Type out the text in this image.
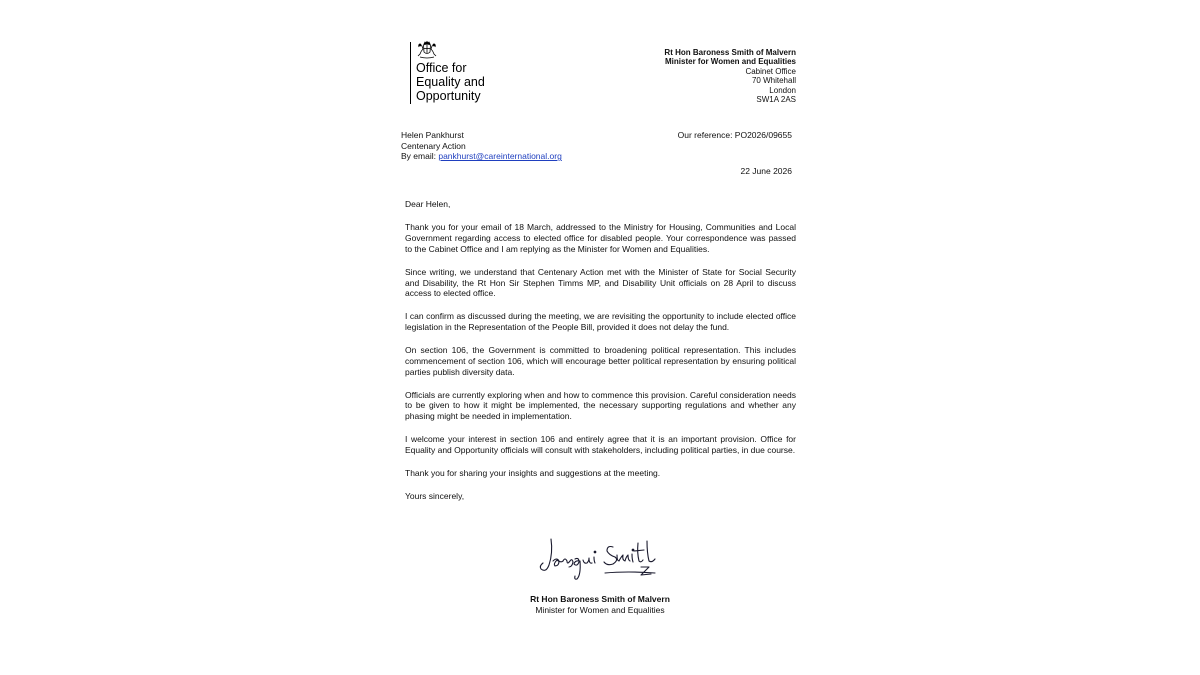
Office for
Equality and
Opportunity
Rt Hon Baroness Smith of Malvern
Minister for Women and Equalities
Cabinet Office
70 Whitehall
London
SW1A 2AS
Helen Pankhurst
Centenary Action
By email: pankhurst@careinternational.org
Our reference: PO2026/09655
22 June 2026

Dear Helen,

Thank you for your email of 18 March, addressed to the Ministry for Housing, Communities and Local Government regarding access to elected office for disabled people. Your correspondence was passed to the Cabinet Office and I am replying as the Minister for Women and Equalities.

Since writing, we understand that Centenary Action met with the Minister of State for Social Security and Disability, the Rt Hon Sir Stephen Timms MP, and Disability Unit officials on 28 April to discuss access to elected office.

I can confirm as discussed during the meeting, we are revisiting the opportunity to include elected office legislation in the Representation of the People Bill, provided it does not delay the fund.

On section 106, the Government is committed to broadening political representation. This includes commencement of section 106, which will encourage better political representation by ensuring political parties publish diversity data.

Officials are currently exploring when and how to commence this provision. Careful consideration needs to be given to how it might be implemented, the necessary supporting regulations and whether any phasing might be needed in implementation.

I welcome your interest in section 106 and entirely agree that it is an important provision. Office for Equality and Opportunity officials will consult with stakeholders, including political parties, in due course.

Thank you for sharing your insights and suggestions at the meeting.

Yours sincerely,

Rt Hon Baroness Smith of Malvern
Minister for Women and Equalities
